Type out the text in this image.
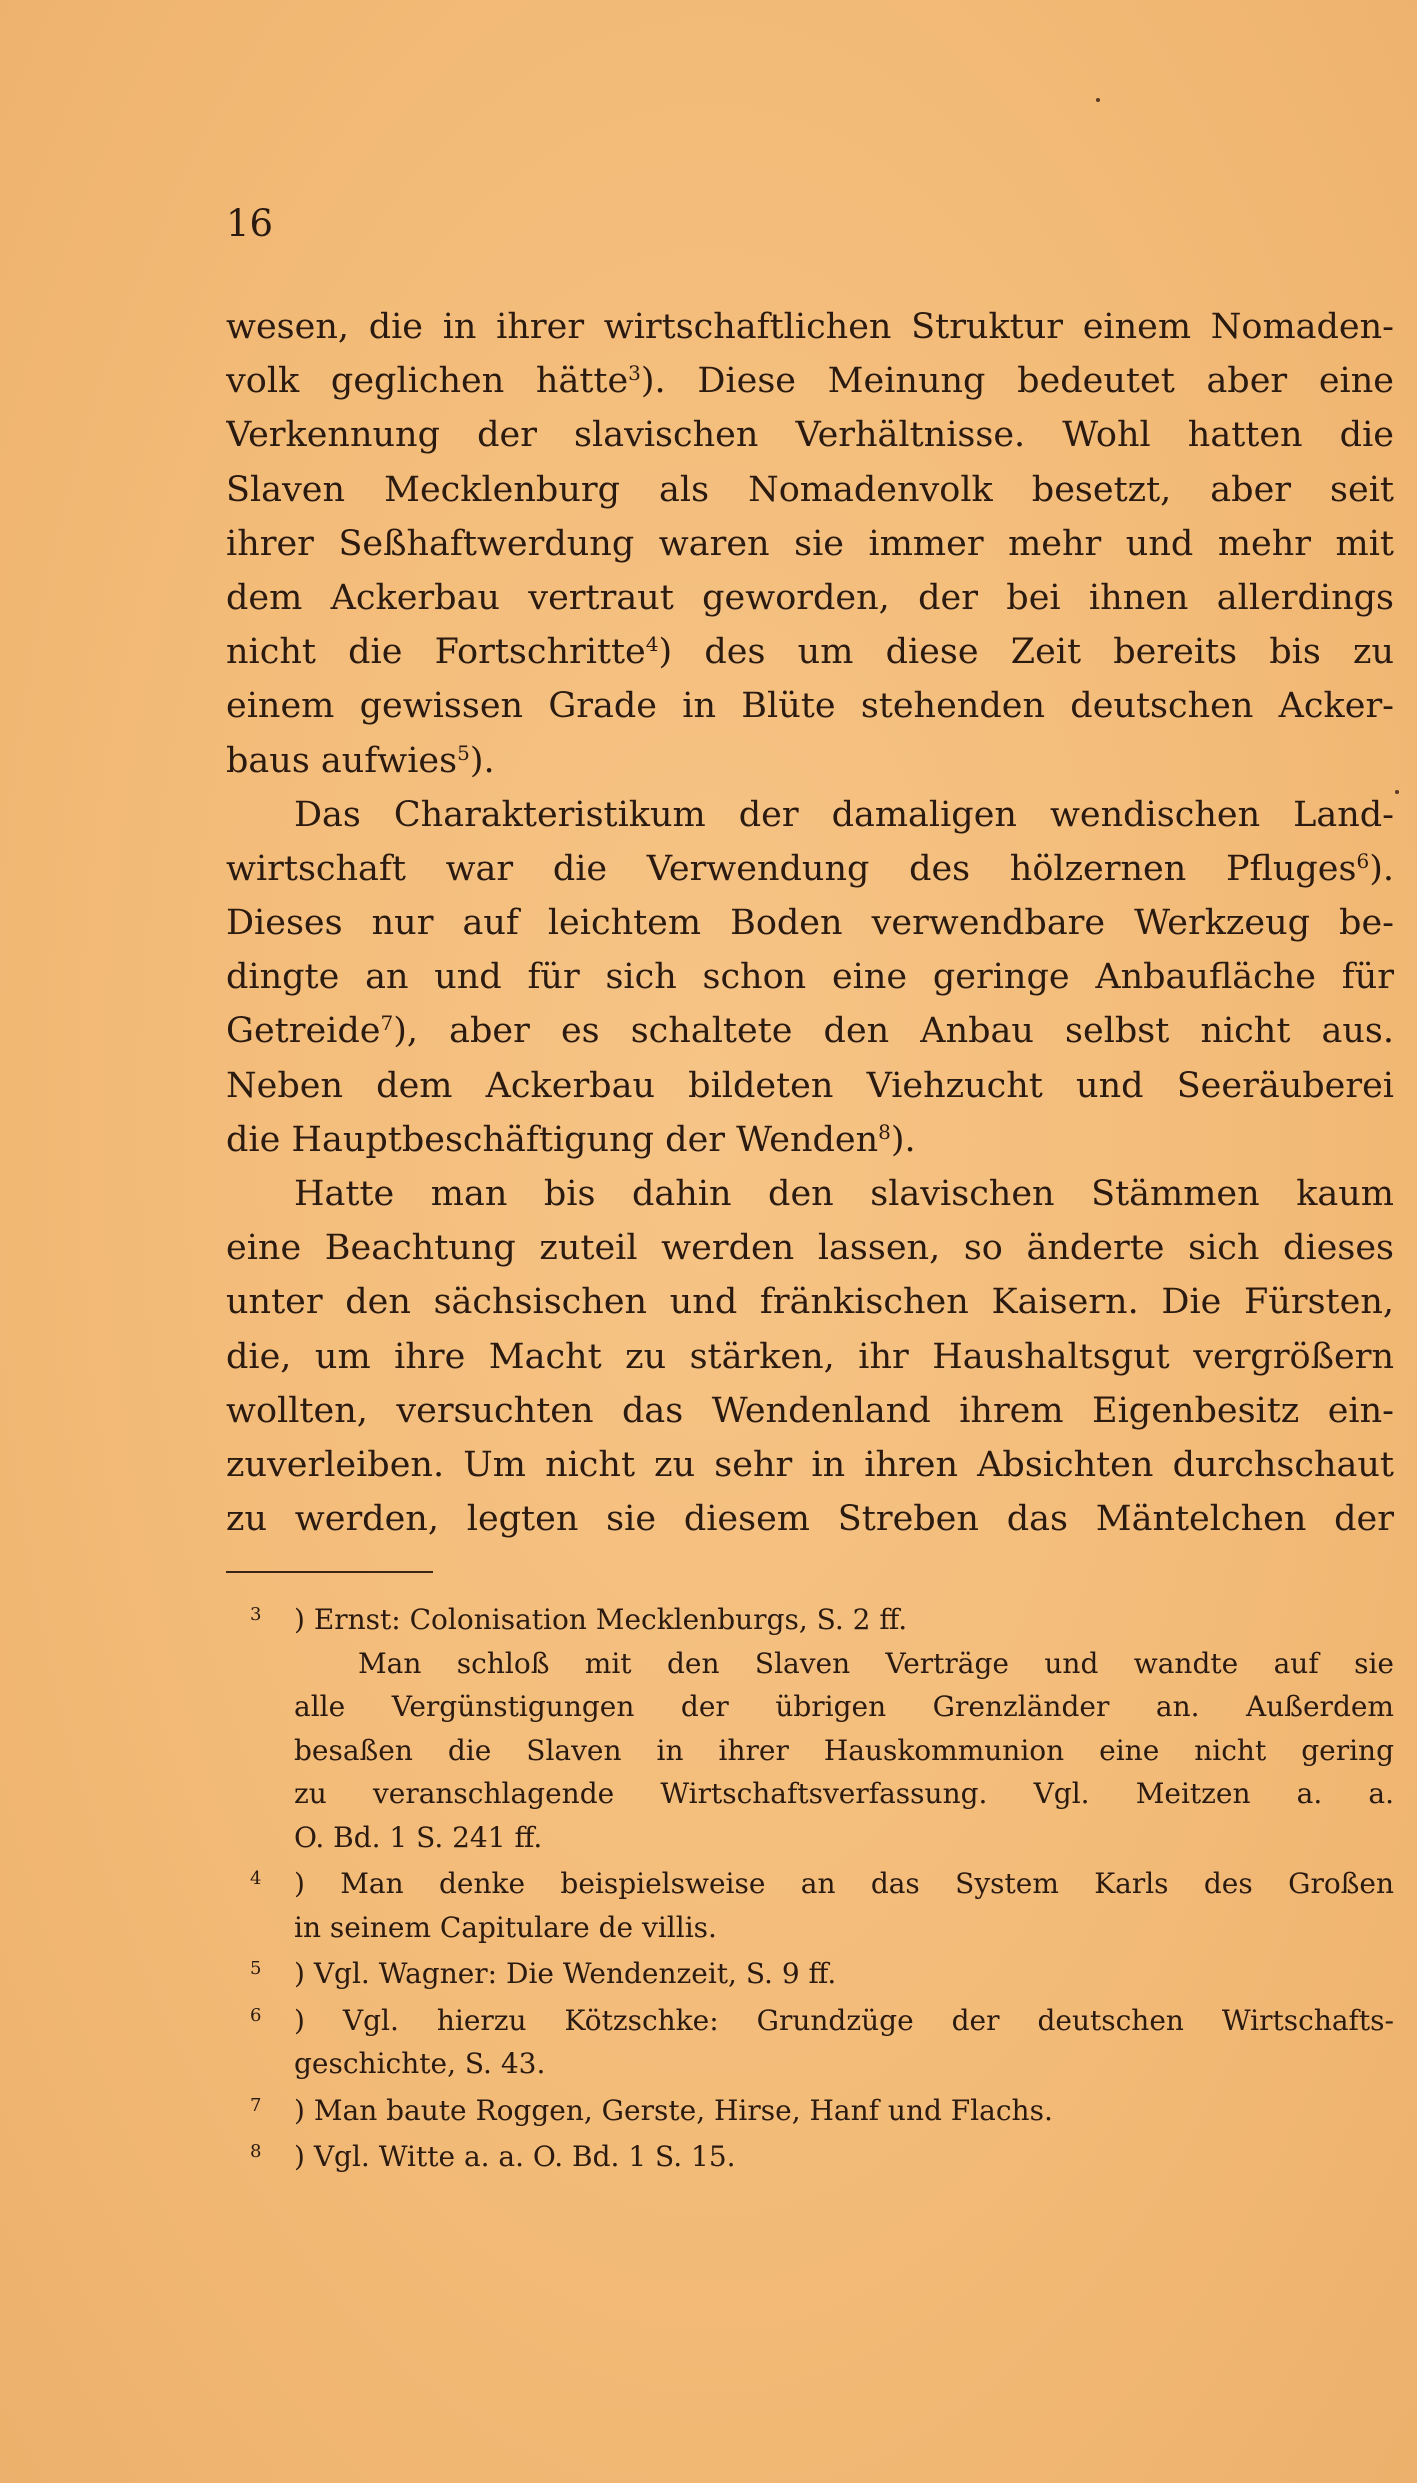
16
wesen, die in ihrer wirtschaftlichen Struktur einem Nomaden-
volk geglichen hätte$^3$). Diese Meinung bedeutet aber eine
Verkennung der slavischen Verhältnisse. Wohl hatten die
Slaven Mecklenburg als Nomadenvolk besetzt, aber seit
ihrer Seßhaftwerdung waren sie immer mehr und mehr mit
dem Ackerbau vertraut geworden, der bei ihnen allerdings
nicht die Fortschritte$^4$) des um diese Zeit bereits bis zu
einem gewissen Grade in Blüte stehenden deutschen Acker-
baus aufwies$^5$).
Das Charakteristikum der damaligen wendischen Land-
wirtschaft war die Verwendung des hölzernen Pfluges$^6$).
Dieses nur auf leichtem Boden verwendbare Werkzeug be-
dingte an und für sich schon eine geringe Anbaufläche für
Getreide$^7$), aber es schaltete den Anbau selbst nicht aus.
Neben dem Ackerbau bildeten Viehzucht und Seeräuberei
die Hauptbeschäftigung der Wenden$^8$).
Hatte man bis dahin den slavischen Stämmen kaum
eine Beachtung zuteil werden lassen, so änderte sich dieses
unter den sächsischen und fränkischen Kaisern. Die Fürsten,
die, um ihre Macht zu stärken, ihr Haushaltsgut vergrößern
wollten, versuchten das Wendenland ihrem Eigenbesitz ein-
zuverleiben. Um nicht zu sehr in ihren Absichten durchschaut
zu werden, legten sie diesem Streben das Mäntelchen der
$^3$ ) Ernst: Colonisation Mecklenburgs, S. 2 ff.
Man schloß mit den Slaven Verträge und wandte auf sie
alle Vergünstigungen der übrigen Grenzländer an. Außerdem
besaßen die Slaven in ihrer Hauskommunion eine nicht gering
zu veranschlagende Wirtschaftsverfassung. Vgl. Meitzen a. a.
O. Bd. 1 S. 241 ff.
$^4$ ) Man denke beispielsweise an das System Karls des Großen
in seinem Capitulare de villis.
$^5$ ) Vgl. Wagner: Die Wendenzeit, S. 9 ff.
$^6$ ) Vgl. hierzu Kötzschke: Grundzüge der deutschen Wirtschafts-
geschichte, S. 43.
$^7$ ) Man baute Roggen, Gerste, Hirse, Hanf und Flachs.
$^8$ ) Vgl. Witte a. a. O. Bd. 1 S. 15.
